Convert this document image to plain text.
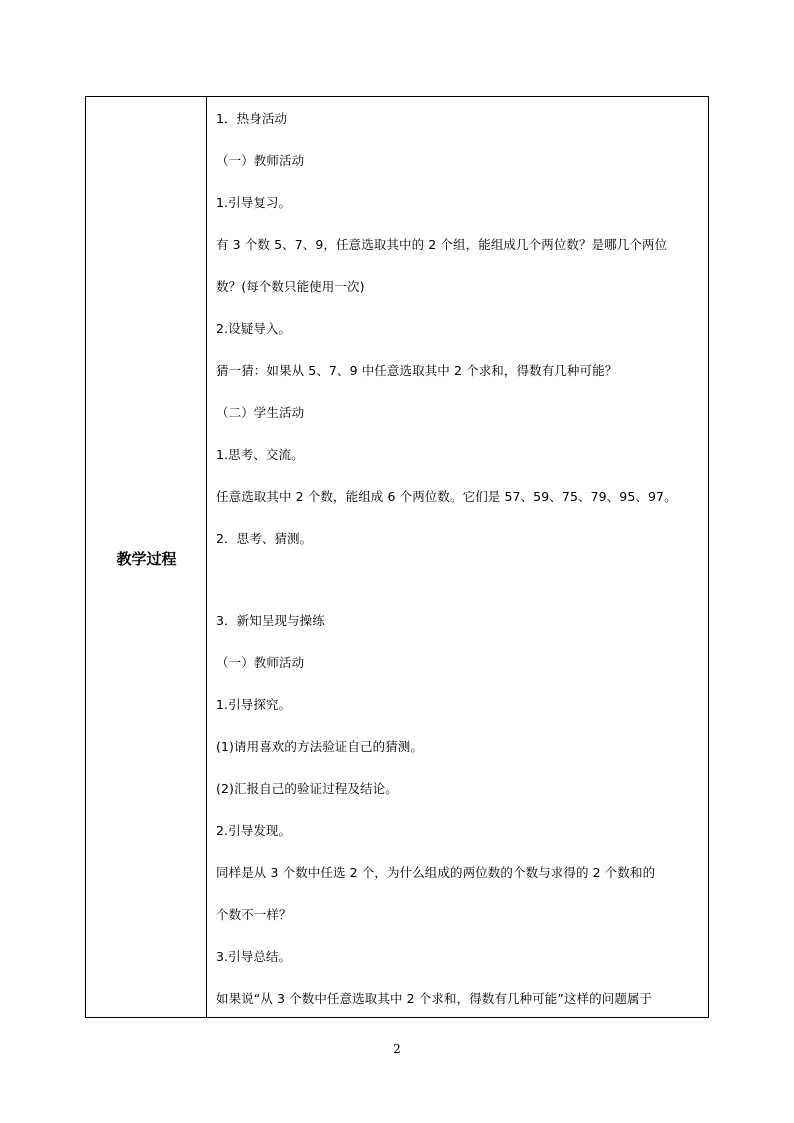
教学过程
1．热身活动
（一）教师活动
1.引导复习。
有 3 个数 5、7、9，任意选取其中的 2 个组，能组成几个两位数？是哪几个两位
数？(每个数只能使用一次)
2.设疑导入。
猜一猜：如果从 5、7、9 中任意选取其中 2 个求和，得数有几种可能？
（二）学生活动
1.思考、交流。
任意选取其中 2 个数，能组成 6 个两位数。它们是 57、59、75、79、95、97。
2．思考、猜测。
3．新知呈现与操练
（一）教师活动
1.引导探究。
(1)请用喜欢的方法验证自己的猜测。
(2)汇报自己的验证过程及结论。
2.引导发现。
同样是从 3 个数中任选 2 个，为什么组成的两位数的个数与求得的 2 个数和的
个数不一样？
3.引导总结。
如果说“从 3 个数中任意选取其中 2 个求和，得数有几种可能”这样的问题属于
2
